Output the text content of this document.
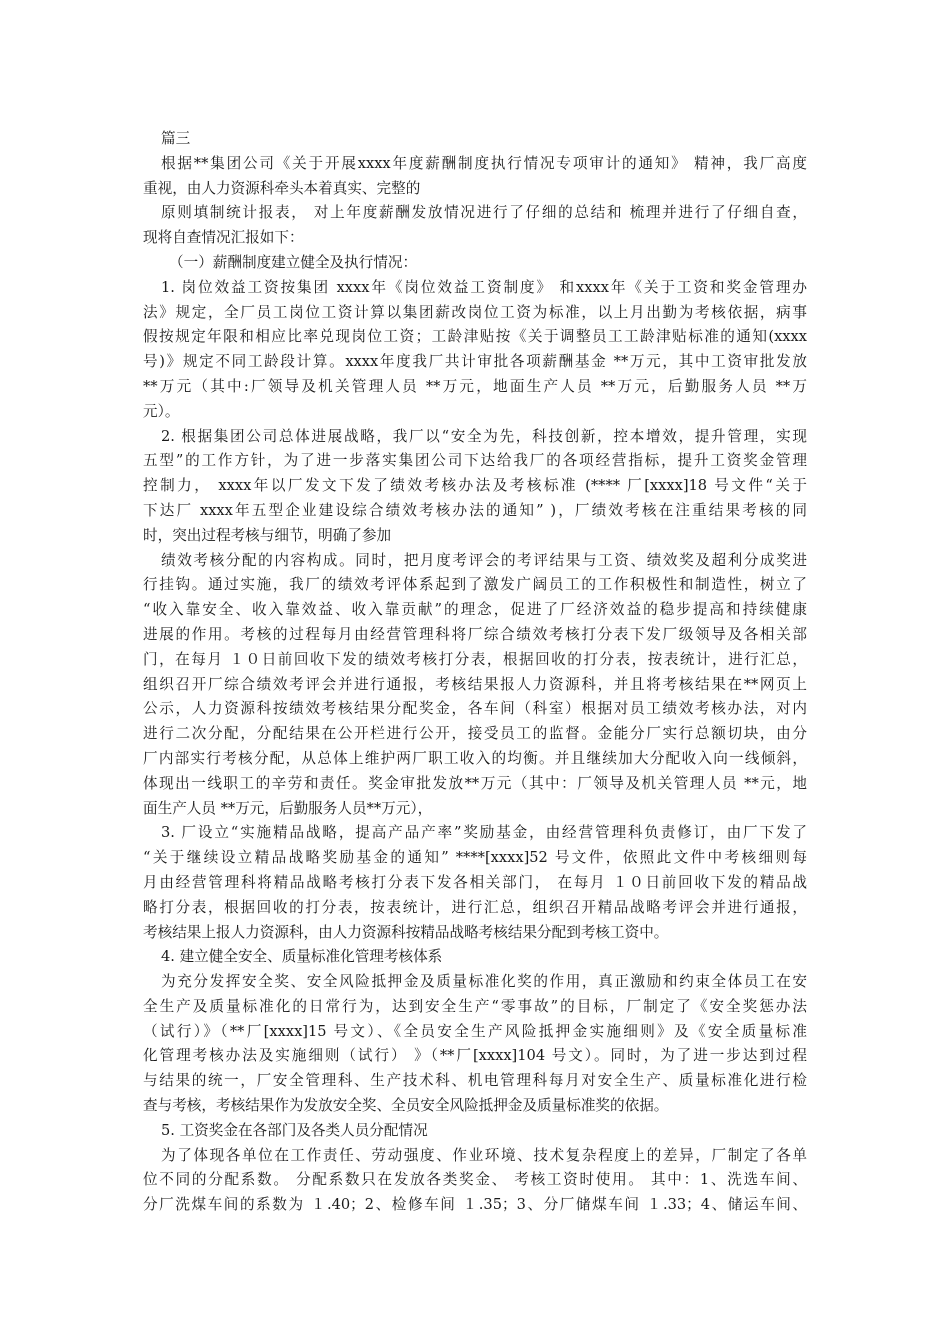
篇三
根据**集团公司《关于开展xxxx年度薪酬制度执行情况专项审计的通知》 精神，我厂高度
重视，由人力资源科牵头本着真实、完整的
原则填制统计报表， 对上年度薪酬发放情况进行了仔细的总结和 梳理并进行了仔细自查，
现将自查情况汇报如下：
（一）薪酬制度建立健全及执行情况：
1. 岗位效益工资按集团 xxxx年《岗位效益工资制度》 和xxxx年《关于工资和奖金管理办
法》规定，全厂员工岗位工资计算以集团薪改岗位工资为标准，以上月出勤为考核依据，病事
假按规定年限和相应比率兑现岗位工资；工龄津贴按《关于调整员工工龄津贴标准的通知(xxxx
号)》规定不同工龄段计算。xxxx年度我厂共计审批各项薪酬基金 **万元，其中工资审批发放
**万元（其中:厂领导及机关管理人员 **万元，地面生产人员 **万元，后勤服务人员 **万
元）。
2. 根据集团公司总体进展战略，我厂以“安全为先，科技创新，控本增效，提升管理，实现
五型”的工作方针，为了进一步落实集团公司下达给我厂的各项经营指标，提升工资奖金管理
控制力， xxxx年以厂发文下发了绩效考核办法及考核标准 (**** 厂[xxxx]18 号文件“关于
下达厂 xxxx年五型企业建设综合绩效考核办法的通知” )，厂绩效考核在注重结果考核的同
时，突出过程考核与细节，明确了参加
绩效考核分配的内容构成。同时，把月度考评会的考评结果与工资、绩效奖及超利分成奖进
行挂钩。通过实施，我厂的绩效考评体系起到了激发广阔员工的工作积极性和制造性，树立了
“收入靠安全、收入靠效益、收入靠贡献”的理念，促进了厂经济效益的稳步提高和持续健康
进展的作用。考核的过程每月由经营管理科将厂综合绩效考核打分表下发厂级领导及各相关部
门，在每月 １０日前回收下发的绩效考核打分表，根据回收的打分表，按表统计，进行汇总，
组织召开厂综合绩效考评会并进行通报，考核结果报人力资源科，并且将考核结果在**网页上
公示，人力资源科按绩效考核结果分配奖金，各车间（科室）根据对员工绩效考核办法，对内
进行二次分配，分配结果在公开栏进行公开，接受员工的监督。金能分厂实行总额切块，由分
厂内部实行考核分配，从总体上维护两厂职工收入的均衡。并且继续加大分配收入向一线倾斜，
体现出一线职工的辛劳和责任。奖金审批发放**万元（其中：厂领导及机关管理人员 **元，地
面生产人员 **万元，后勤服务人员**万元），
3. 厂设立“实施精品战略，提高产品产率”奖励基金，由经营管理科负责修订，由厂下发了
“关于继续设立精品战略奖励基金的通知” ****[xxxx]52 号文件，依照此文件中考核细则每
月由经营管理科将精品战略考核打分表下发各相关部门， 在每月 １０日前回收下发的精品战
略打分表，根据回收的打分表，按表统计，进行汇总，组织召开精品战略考评会并进行通报，
考核结果上报人力资源科，由人力资源科按精品战略考核结果分配到考核工资中。
4. 建立健全安全、质量标准化管理考核体系
为充分发挥安全奖、安全风险抵押金及质量标准化奖的作用，真正激励和约束全体员工在安
全生产及质量标准化的日常行为，达到安全生产“零事故”的目标，厂制定了《安全奖惩办法
（试行）》（**厂[xxxx]15 号文）、《全员安全生产风险抵押金实施细则》及《安全质量标准
化管理考核办法及实施细则（试行） 》（**厂[xxxx]104 号文）。同时，为了进一步达到过程
与结果的统一，厂安全管理科、生产技术科、机电管理科每月对安全生产、质量标准化进行检
查与考核，考核结果作为发放安全奖、全员安全风险抵押金及质量标准奖的依据。
5. 工资奖金在各部门及各类人员分配情况
为了体现各单位在工作责任、劳动强度、作业环境、技术复杂程度上的差异，厂制定了各单
位不同的分配系数。 分配系数只在发放各类奖金、 考核工资时使用。 其中：1、洗选车间、
分厂洗煤车间的系数为 １.40；2、检修车间 １.35；3、分厂储煤车间 １.33；4、储运车间、
